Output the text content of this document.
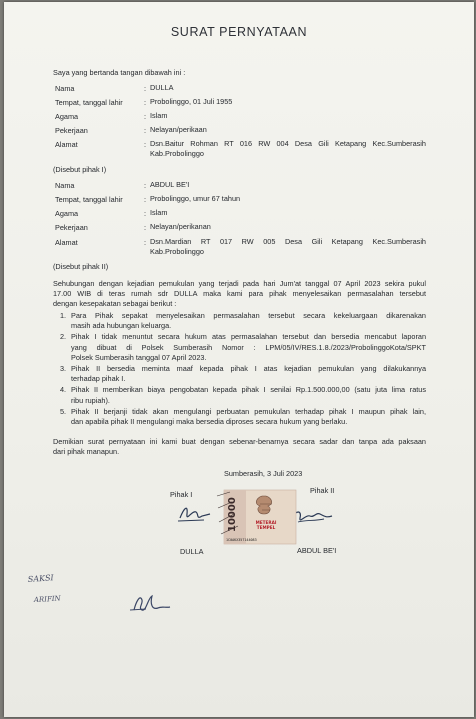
SURAT PERNYATAAN
Saya yang bertanda tangan dibawah ini :
Nama	: DULLA
Tempat, tanggal lahir	: Probolinggo, 01 Juli 1955
Agama	: Islam
Pekerjaan	: Nelayan/perikaan
Alamat	: Dsn.Baitur Rohman RT 016 RW 004 Desa Gili Ketapang Kec.Sumberasih
Kab.Probolinggo
(Disebut pihak I)
Nama	: ABDUL BE'I
Tempat, tanggal lahir	: Probolinggo, umur 67 tahun
Agama	: Islam
Pekerjaan	: Nelayan/perikanan
Alamat	: Dsn.Mardian RT 017 RW 005 Desa Gili Ketapang Kec.Sumberasih
Kab.Probolinggo
(Disebut pihak II)
Sehubungan dengan kejadian pemukulan yang terjadi pada hari Jum'at tanggal 07 April 2023 sekira pukul
17.00 WIB di teras rumah sdr DULLA maka kami para pihak menyelesaikan permasalahan tersebut
dengan kesepakatan sebagai berikut :
1. Para Pihak sepakat menyelesaikan permasalahan tersebut secara kekeluargaan dikarenakan
masih ada hubungan keluarga.
2. Pihak I tidak menuntut secara hukum atas permasalahan tersebut dan bersedia mencabut laporan
yang dibuat di Polsek Sumberasih Nomor : LPM/05/IV/RES.1.8./2023/ProbolinggoKota/SPKT
Polsek Sumberasih tanggal 07 April 2023.
3. Pihak II bersedia meminta maaf kepada pihak I atas kejadian pemukulan yang dilakukannya
terhadap pihak I.
4. Pihak II memberikan biaya pengobatan kepada pihak I senilai Rp.1.500.000,00 (satu juta lima ratus
ribu rupiah).
5. Pihak II berjanji tidak akan mengulangi perbuatan pemukulan terhadap pihak I maupun pihak lain,
dan apabila pihak II mengulangi maka bersedia diproses secara hukum yang berlaku.
Demikian surat pernyataan ini kami buat dengan sebenar-benarnya secara sadar dan tanpa ada paksaan
dari pihak manapun.
Sumberasih, 3 Juli 2023
Pihak I	Pihak II
10000	METERAI
TEMPEL
1C0AKX357144083
DULLA	ABDUL BE'I
SAKSI
ARIFIN
